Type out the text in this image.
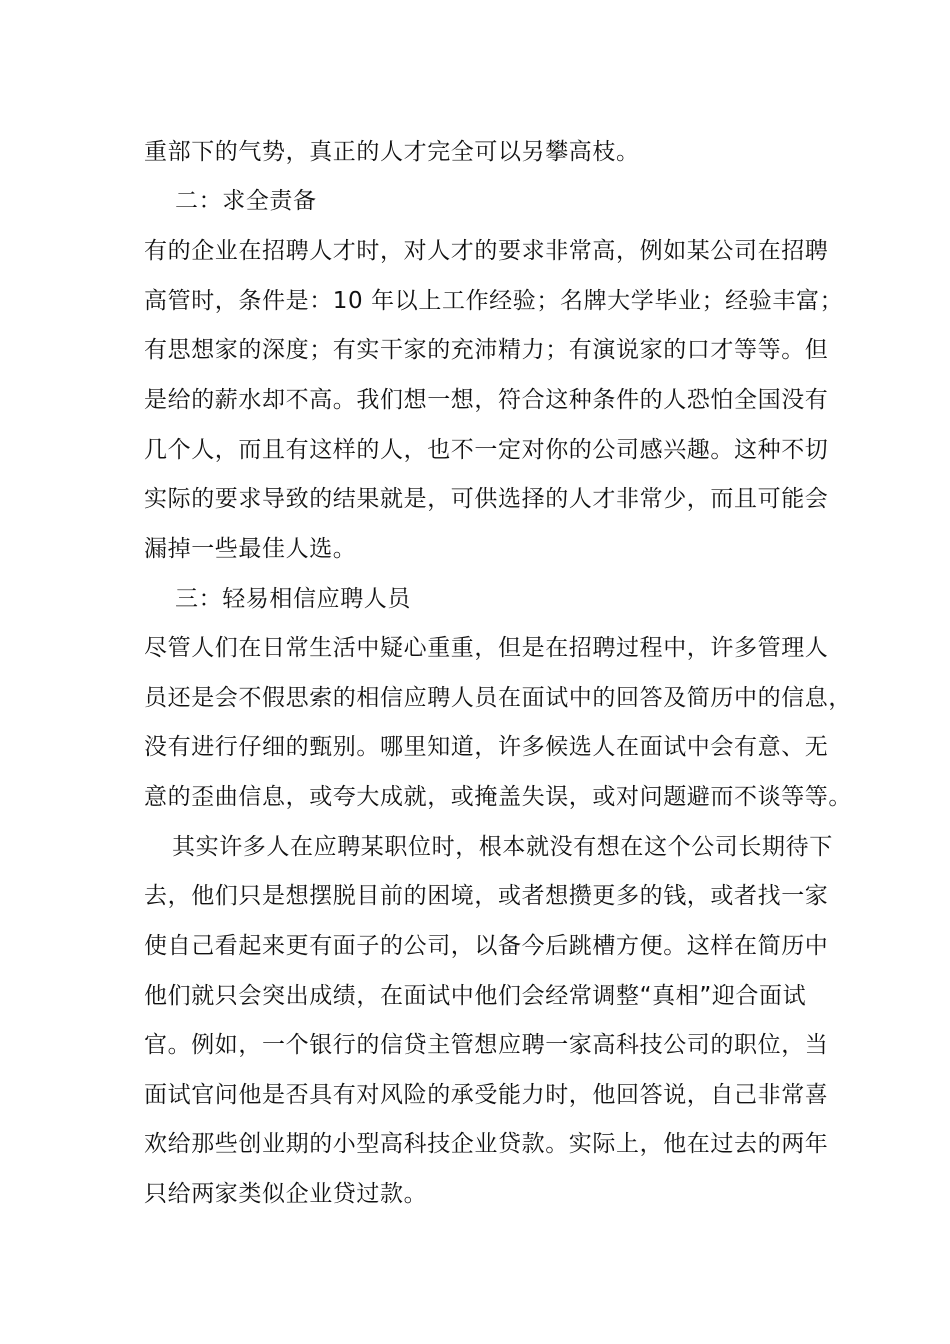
重部下的气势，真正的人才完全可以另攀高枝。
二：求全责备
有的企业在招聘人才时，对人才的要求非常高，例如某公司在招聘
高管时，条件是：10 年以上工作经验；名牌大学毕业；经验丰富；
有思想家的深度；有实干家的充沛精力；有演说家的口才等等。但
是给的薪水却不高。我们想一想，符合这种条件的人恐怕全国没有
几个人，而且有这样的人，也不一定对你的公司感兴趣。这种不切
实际的要求导致的结果就是，可供选择的人才非常少，而且可能会
漏掉一些最佳人选。
三：轻易相信应聘人员
尽管人们在日常生活中疑心重重，但是在招聘过程中，许多管理人
员还是会不假思索的相信应聘人员在面试中的回答及简历中的信息，
没有进行仔细的甄别。哪里知道，许多候选人在面试中会有意、无
意的歪曲信息，或夸大成就，或掩盖失误，或对问题避而不谈等等。
其实许多人在应聘某职位时，根本就没有想在这个公司长期待下
去，他们只是想摆脱目前的困境，或者想攒更多的钱，或者找一家
使自己看起来更有面子的公司，以备今后跳槽方便。这样在简历中
他们就只会突出成绩，在面试中他们会经常调整“真相”迎合面试
官。例如，一个银行的信贷主管想应聘一家高科技公司的职位，当
面试官问他是否具有对风险的承受能力时，他回答说，自己非常喜
欢给那些创业期的小型高科技企业贷款。实际上，他在过去的两年
只给两家类似企业贷过款。
